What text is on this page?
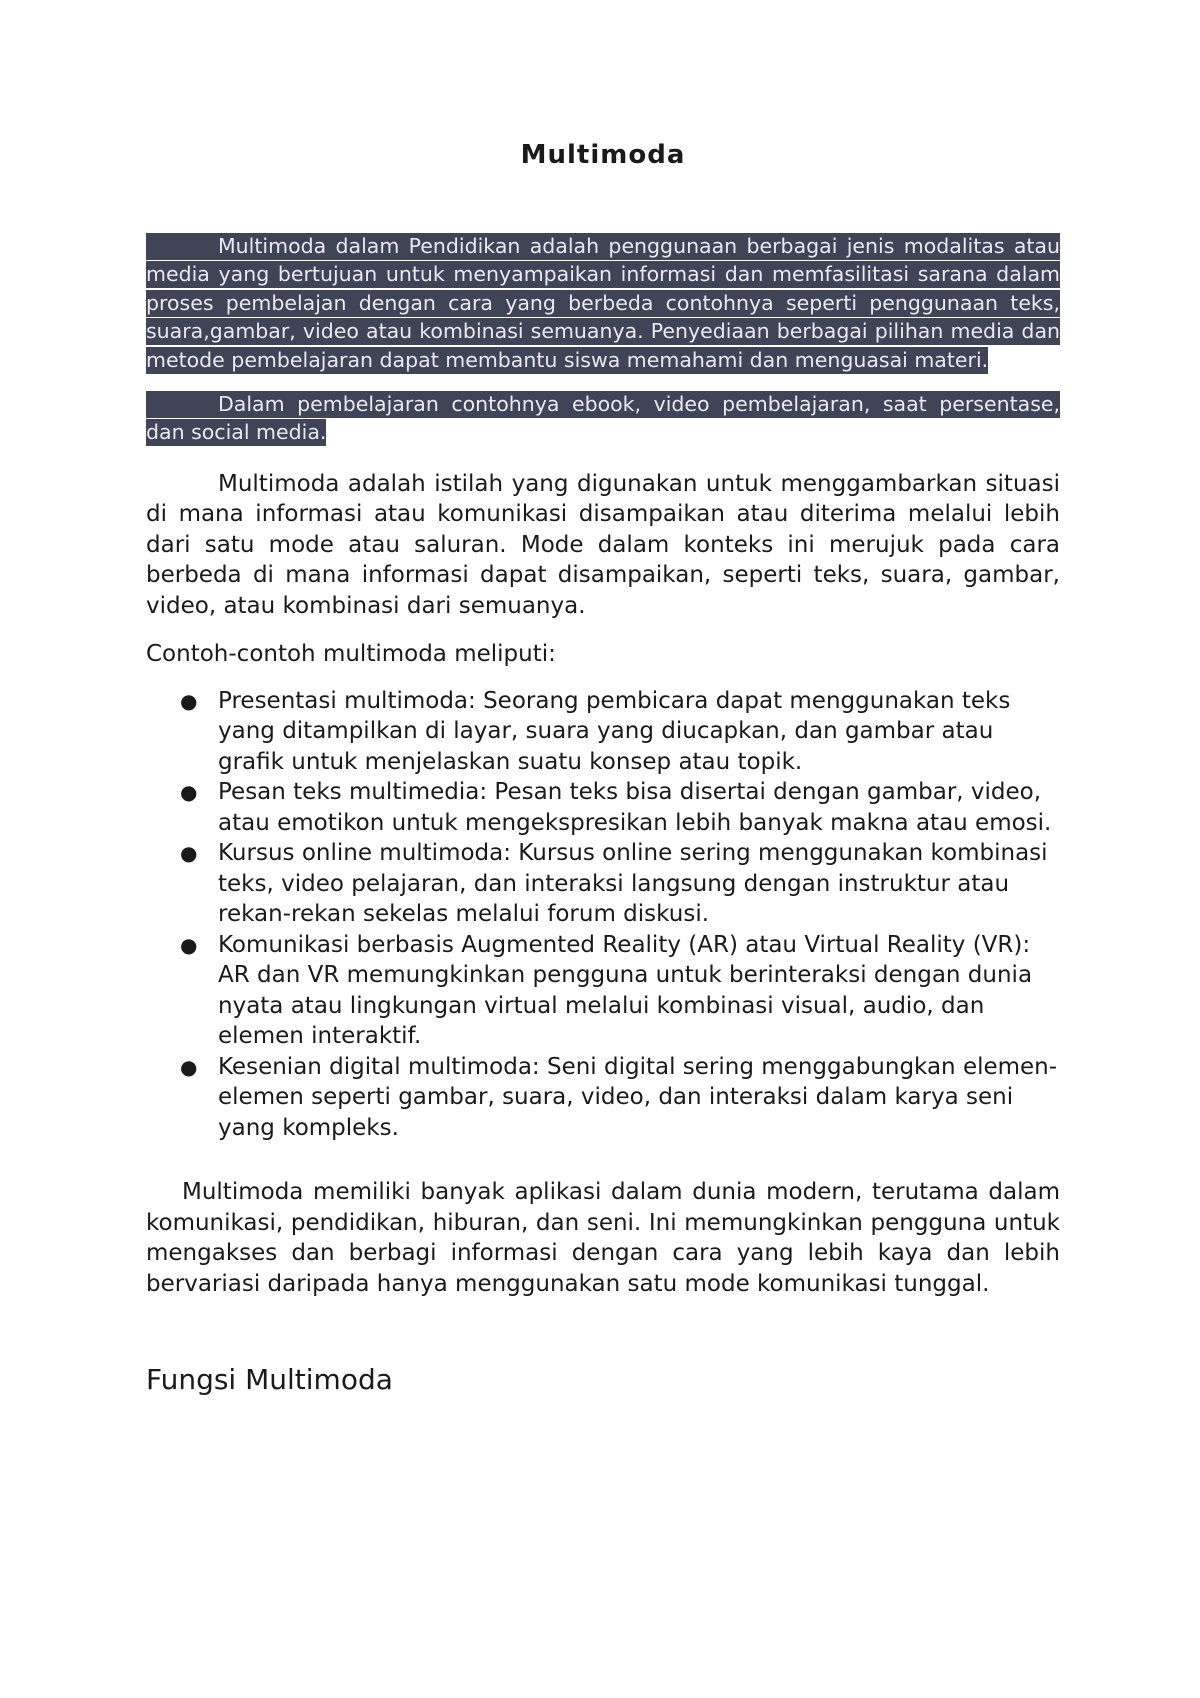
Multimoda

Multimoda dalam Pendidikan adalah penggunaan berbagai jenis modalitas atau media yang bertujuan untuk menyampaikan informasi dan memfasilitasi sarana dalam proses pembelajan dengan cara yang berbeda contohnya seperti penggunaan teks, suara,gambar, video atau kombinasi semuanya. Penyediaan berbagai pilihan media dan metode pembelajaran dapat membantu siswa memahami dan menguasai materi.

Dalam pembelajaran contohnya ebook, video pembelajaran, saat persentase, dan social media.

Multimoda adalah istilah yang digunakan untuk menggambarkan situasi di mana informasi atau komunikasi disampaikan atau diterima melalui lebih dari satu mode atau saluran. Mode dalam konteks ini merujuk pada cara berbeda di mana informasi dapat disampaikan, seperti teks, suara, gambar, video, atau kombinasi dari semuanya.

Contoh-contoh multimoda meliputi:

● Presentasi multimoda: Seorang pembicara dapat menggunakan teks yang ditampilkan di layar, suara yang diucapkan, dan gambar atau grafik untuk menjelaskan suatu konsep atau topik.
● Pesan teks multimedia: Pesan teks bisa disertai dengan gambar, video, atau emotikon untuk mengekspresikan lebih banyak makna atau emosi.
● Kursus online multimoda: Kursus online sering menggunakan kombinasi teks, video pelajaran, dan interaksi langsung dengan instruktur atau rekan-rekan sekelas melalui forum diskusi.
● Komunikasi berbasis Augmented Reality (AR) atau Virtual Reality (VR): AR dan VR memungkinkan pengguna untuk berinteraksi dengan dunia nyata atau lingkungan virtual melalui kombinasi visual, audio, dan elemen interaktif.
● Kesenian digital multimoda: Seni digital sering menggabungkan elemen-elemen seperti gambar, suara, video, dan interaksi dalam karya seni yang kompleks.

Multimoda memiliki banyak aplikasi dalam dunia modern, terutama dalam komunikasi, pendidikan, hiburan, dan seni. Ini memungkinkan pengguna untuk mengakses dan berbagi informasi dengan cara yang lebih kaya dan lebih bervariasi daripada hanya menggunakan satu mode komunikasi tunggal.

Fungsi Multimoda
